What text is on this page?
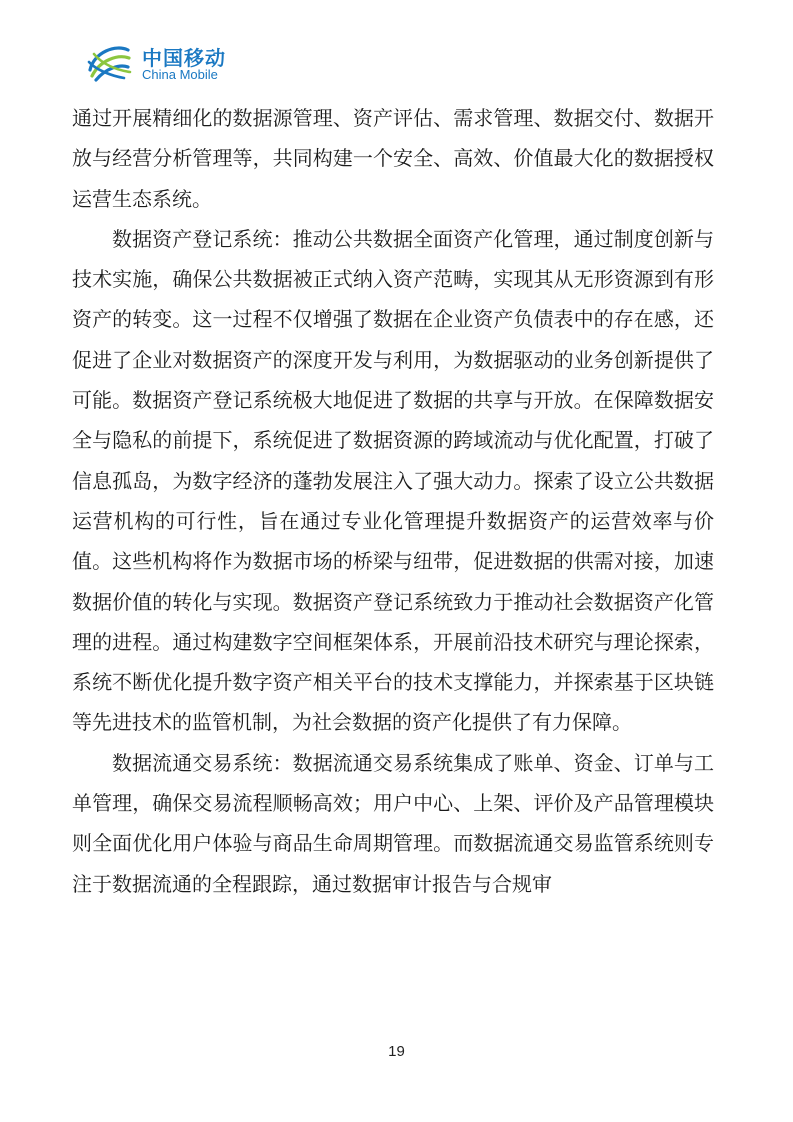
中国移动
China Mobile

通过开展精细化的数据源管理、资产评估、需求管理、数据交付、数据开放与经营分析管理等，共同构建一个安全、高效、价值最大化的数据授权运营生态系统。

数据资产登记系统：推动公共数据全面资产化管理，通过制度创新与技术实施，确保公共数据被正式纳入资产范畴，实现其从无形资源到有形资产的转变。这一过程不仅增强了数据在企业资产负债表中的存在感，还促进了企业对数据资产的深度开发与利用，为数据驱动的业务创新提供了可能。数据资产登记系统极大地促进了数据的共享与开放。在保障数据安全与隐私的前提下，系统促进了数据资源的跨域流动与优化配置，打破了信息孤岛，为数字经济的蓬勃发展注入了强大动力。探索了设立公共数据运营机构的可行性，旨在通过专业化管理提升数据资产的运营效率与价值。这些机构将作为数据市场的桥梁与纽带，促进数据的供需对接，加速数据价值的转化与实现。数据资产登记系统致力于推动社会数据资产化管理的进程。通过构建数字空间框架体系，开展前沿技术研究与理论探索，系统不断优化提升数字资产相关平台的技术支撑能力，并探索基于区块链等先进技术的监管机制，为社会数据的资产化提供了有力保障。

数据流通交易系统：数据流通交易系统集成了账单、资金、订单与工单管理，确保交易流程顺畅高效；用户中心、上架、评价及产品管理模块则全面优化用户体验与商品生命周期管理。而数据流通交易监管系统则专注于数据流通的全程跟踪，通过数据审计报告与合规审

19
